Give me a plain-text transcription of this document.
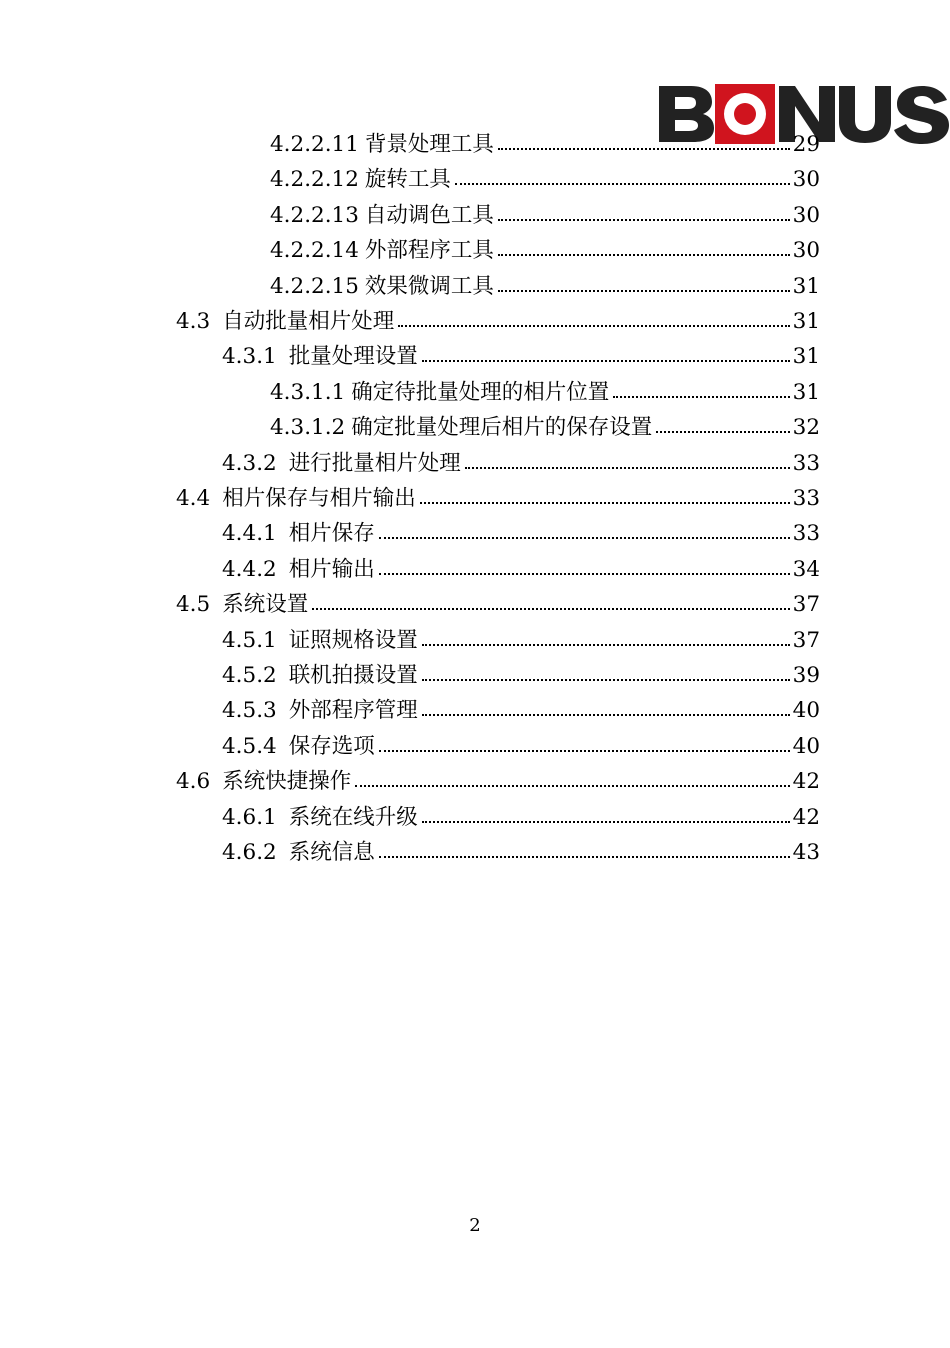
4.2.2.11 背景处理工具	29
4.2.2.12 旋转工具	30
4.2.2.13 自动调色工具	30
4.2.2.14 外部程序工具	30
4.2.2.15 效果微调工具	31
4.3 自动批量相片处理	31
4.3.1 批量处理设置	31
4.3.1.1 确定待批量处理的相片位置	31
4.3.1.2 确定批量处理后相片的保存设置	32
4.3.2 进行批量相片处理	33
4.4 相片保存与相片输出	33
4.4.1 相片保存	33
4.4.2 相片输出	34
4.5 系统设置	37
4.5.1 证照规格设置	37
4.5.2 联机拍摄设置	39
4.5.3 外部程序管理	40
4.5.4 保存选项	40
4.6 系统快捷操作	42
4.6.1 系统在线升级	42
4.6.2 系统信息	43
2
